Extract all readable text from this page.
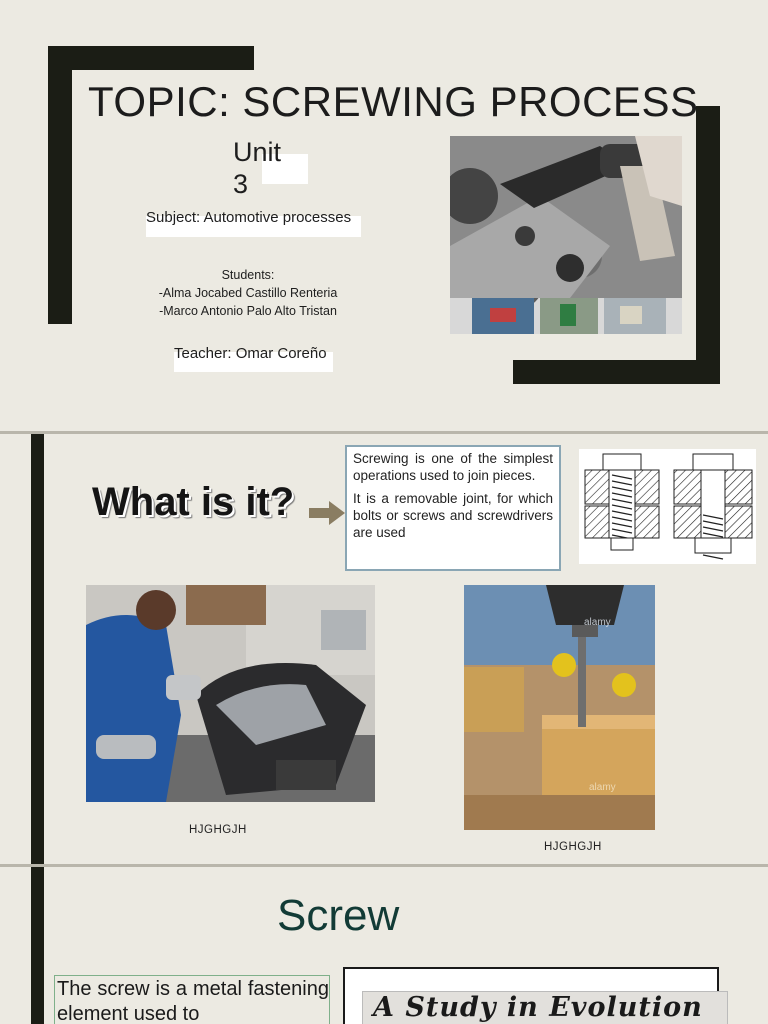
TOPIC: SCREWING PROCESS
Unit 3
Subject: Automotive processes
Students:
-Alma Jocabed Castillo Renteria
-Marco Antonio Palo Alto Tristan
Teacher: Omar Coreño
What is it?

Screwing is one of the simplest operations used to join pieces.

It is a removable joint, for which bolts or screws and screwdrivers are used

HJGHGJH
alamy
alamy
HJGHGJH
Screw
The screw is a metal fastening element used to	A Study in Evolution
